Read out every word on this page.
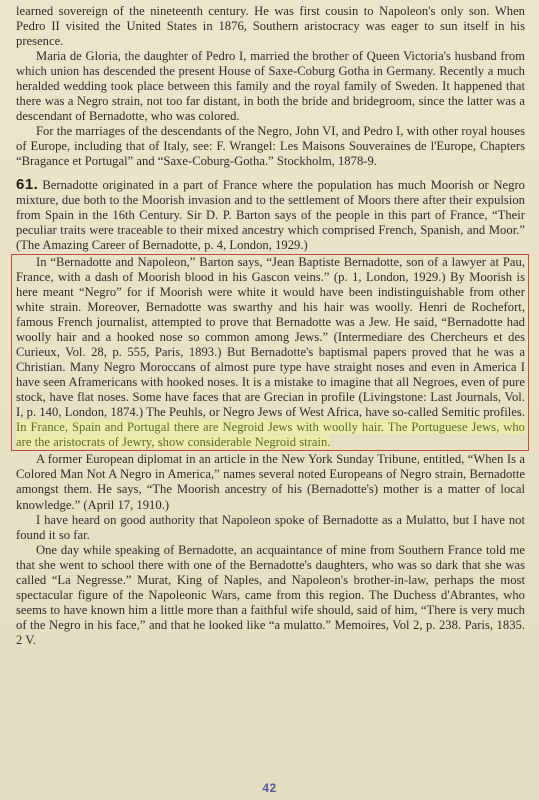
learned sovereign of the nineteenth century. He was first cousin to Napoleon's only son. When Pedro II visited the United States in 1876, Southern aristocracy was eager to sun itself in his presence.

Maria de Gloria, the daughter of Pedro I, married the brother of Queen Victoria's husband from which union has descended the present House of Saxe-Coburg Gotha in Germany. Recently a much heralded wedding took place between this family and the royal family of Sweden. It happened that there was a Negro strain, not too far distant, in both the bride and bridegroom, since the latter was a descendant of Bernadotte, who was colored.

For the marriages of the descendants of the Negro, John VI, and Pedro I, with other royal houses of Europe, including that of Italy, see: F. Wrangel: Les Maisons Souveraines de l'Europe, Chapters “Bragance et Portugal” and “Saxe-Coburg-Gotha.” Stockholm, 1878-9.

61. Bernadotte originated in a part of France where the population has much Moorish or Negro mixture, due both to the Moorish invasion and to the settlement of Moors there after their expulsion from Spain in the 16th Century. Sir D. P. Barton says of the people in this part of France, “Their peculiar traits were traceable to their mixed ancestry which comprised French, Spanish, and Moor.” (The Amazing Career of Bernadotte, p. 4, London, 1929.)

In “Bernadotte and Napoleon,” Barton says, “Jean Baptiste Bernadotte, son of a lawyer at Pau, France, with a dash of Moorish blood in his Gascon veins.” (p. 1, London, 1929.) By Moorish is here meant “Negro” for if Moorish were white it would have been indistinguishable from other white strain. Moreover, Bernadotte was swarthy and his hair was woolly. Henri de Rochefort, famous French journalist, attempted to prove that Bernadotte was a Jew. He said, “Bernadotte had woolly hair and a hooked nose so common among Jews.” (Intermediare des Chercheurs et des Curieux, Vol. 28, p. 555, Paris, 1893.) But Bernadotte's baptismal papers proved that he was a Christian. Many Negro Moroccans of almost pure type have straight noses and even in America I have seen Aframericans with hooked noses. It is a mistake to imagine that all Negroes, even of pure stock, have flat noses. Some have faces that are Grecian in profile (Livingstone: Last Journals, Vol. I, p. 140, London, 1874.) The Peuhls, or Negro Jews of West Africa, have so-called Semitic profiles. In France, Spain and Portugal there are Negroid Jews with woolly hair. The Portuguese Jews, who are the aristocrats of Jewry, show considerable Negroid strain.

A former European diplomat in an article in the New York Sunday Tribune, entitled, “When Is a Colored Man Not A Negro in America,” names several noted Europeans of Negro strain, Bernadotte amongst them. He says, “The Moorish ancestry of his (Bernadotte's) mother is a matter of local knowledge.” (April 17, 1910.)

I have heard on good authority that Napoleon spoke of Bernadotte as a Mulatto, but I have not found it so far.

One day while speaking of Bernadotte, an acquaintance of mine from Southern France told me that she went to school there with one of the Bernadotte's daughters, who was so dark that she was called “La Negresse.” Murat, King of Naples, and Napoleon's brother-in-law, perhaps the most spectacular figure of the Napoleonic Wars, came from this region. The Duchess d'Abrantes, who seems to have known him a little more than a faithful wife should, said of him, “There is very much of the Negro in his face,” and that he looked like “a mulatto.” Memoires, Vol 2, p. 238. Paris, 1835. 2 V.

42
